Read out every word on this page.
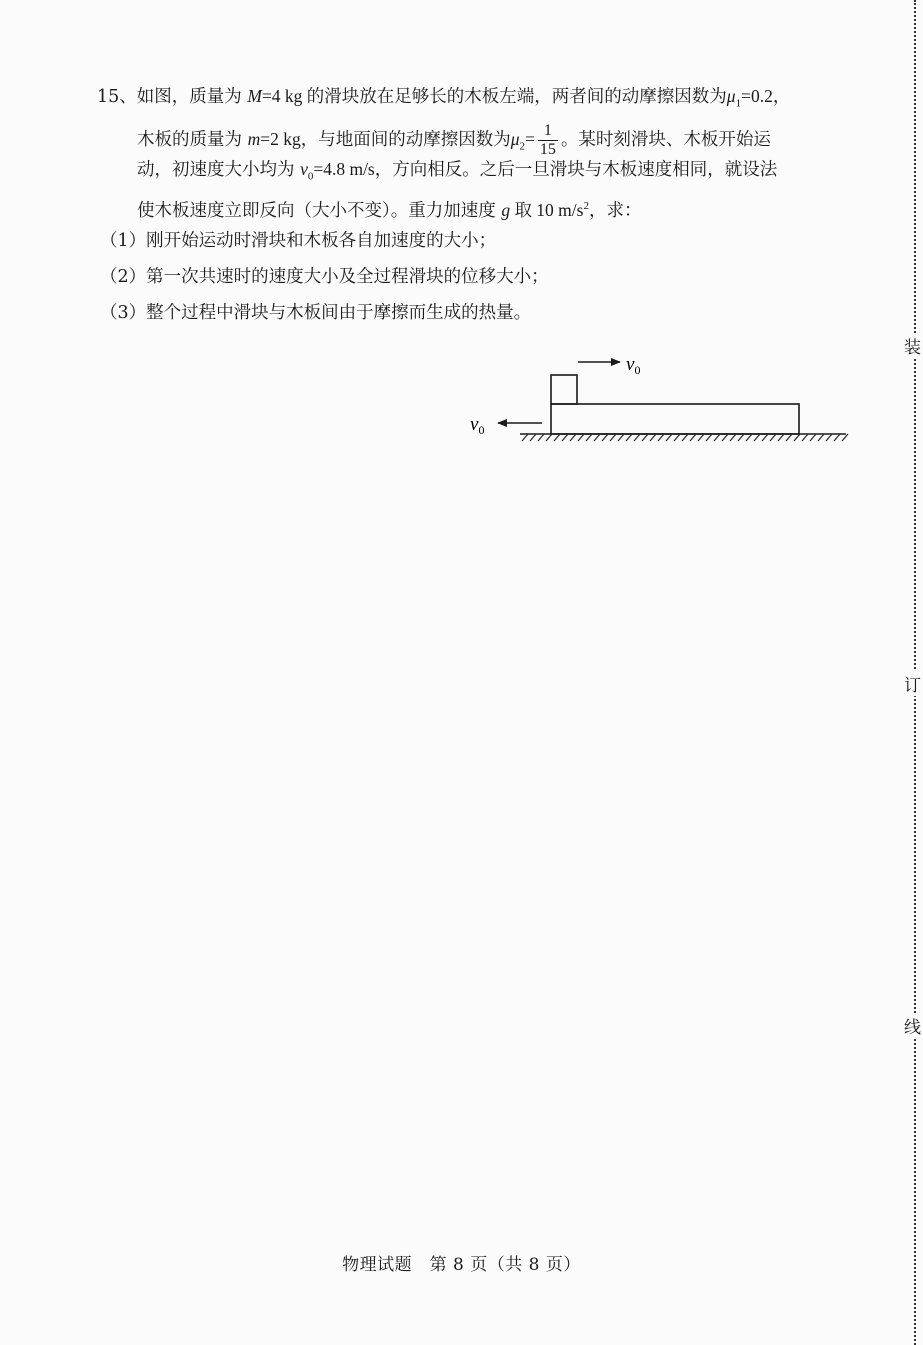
15、如图，质量为 M=4 kg 的滑块放在足够长的木板左端，两者间的动摩擦因数为$\mu_1=0.2$，
木板的质量为 m=2 kg，与地面间的动摩擦因数为$\mu_2= \frac{1}{15}$ 。某时刻滑块、木板开始运
动，初速度大小均为 $v_0=4.8$ m/s，方向相反。之后一旦滑块与木板速度相同，就设法
使木板速度立即反向（大小不变）。重力加速度 g 取 10 $m/s^2$，求：
（1）刚开始运动时滑块和木板各自加速度的大小；
（2）第一次共速时的速度大小及全过程滑块的位移大小；
（3）整个过程中滑块与木板间由于摩擦而生成的热量。
$v_0$
$v_0$
物理试题　第 8 页（共 8 页）
装
订
线
